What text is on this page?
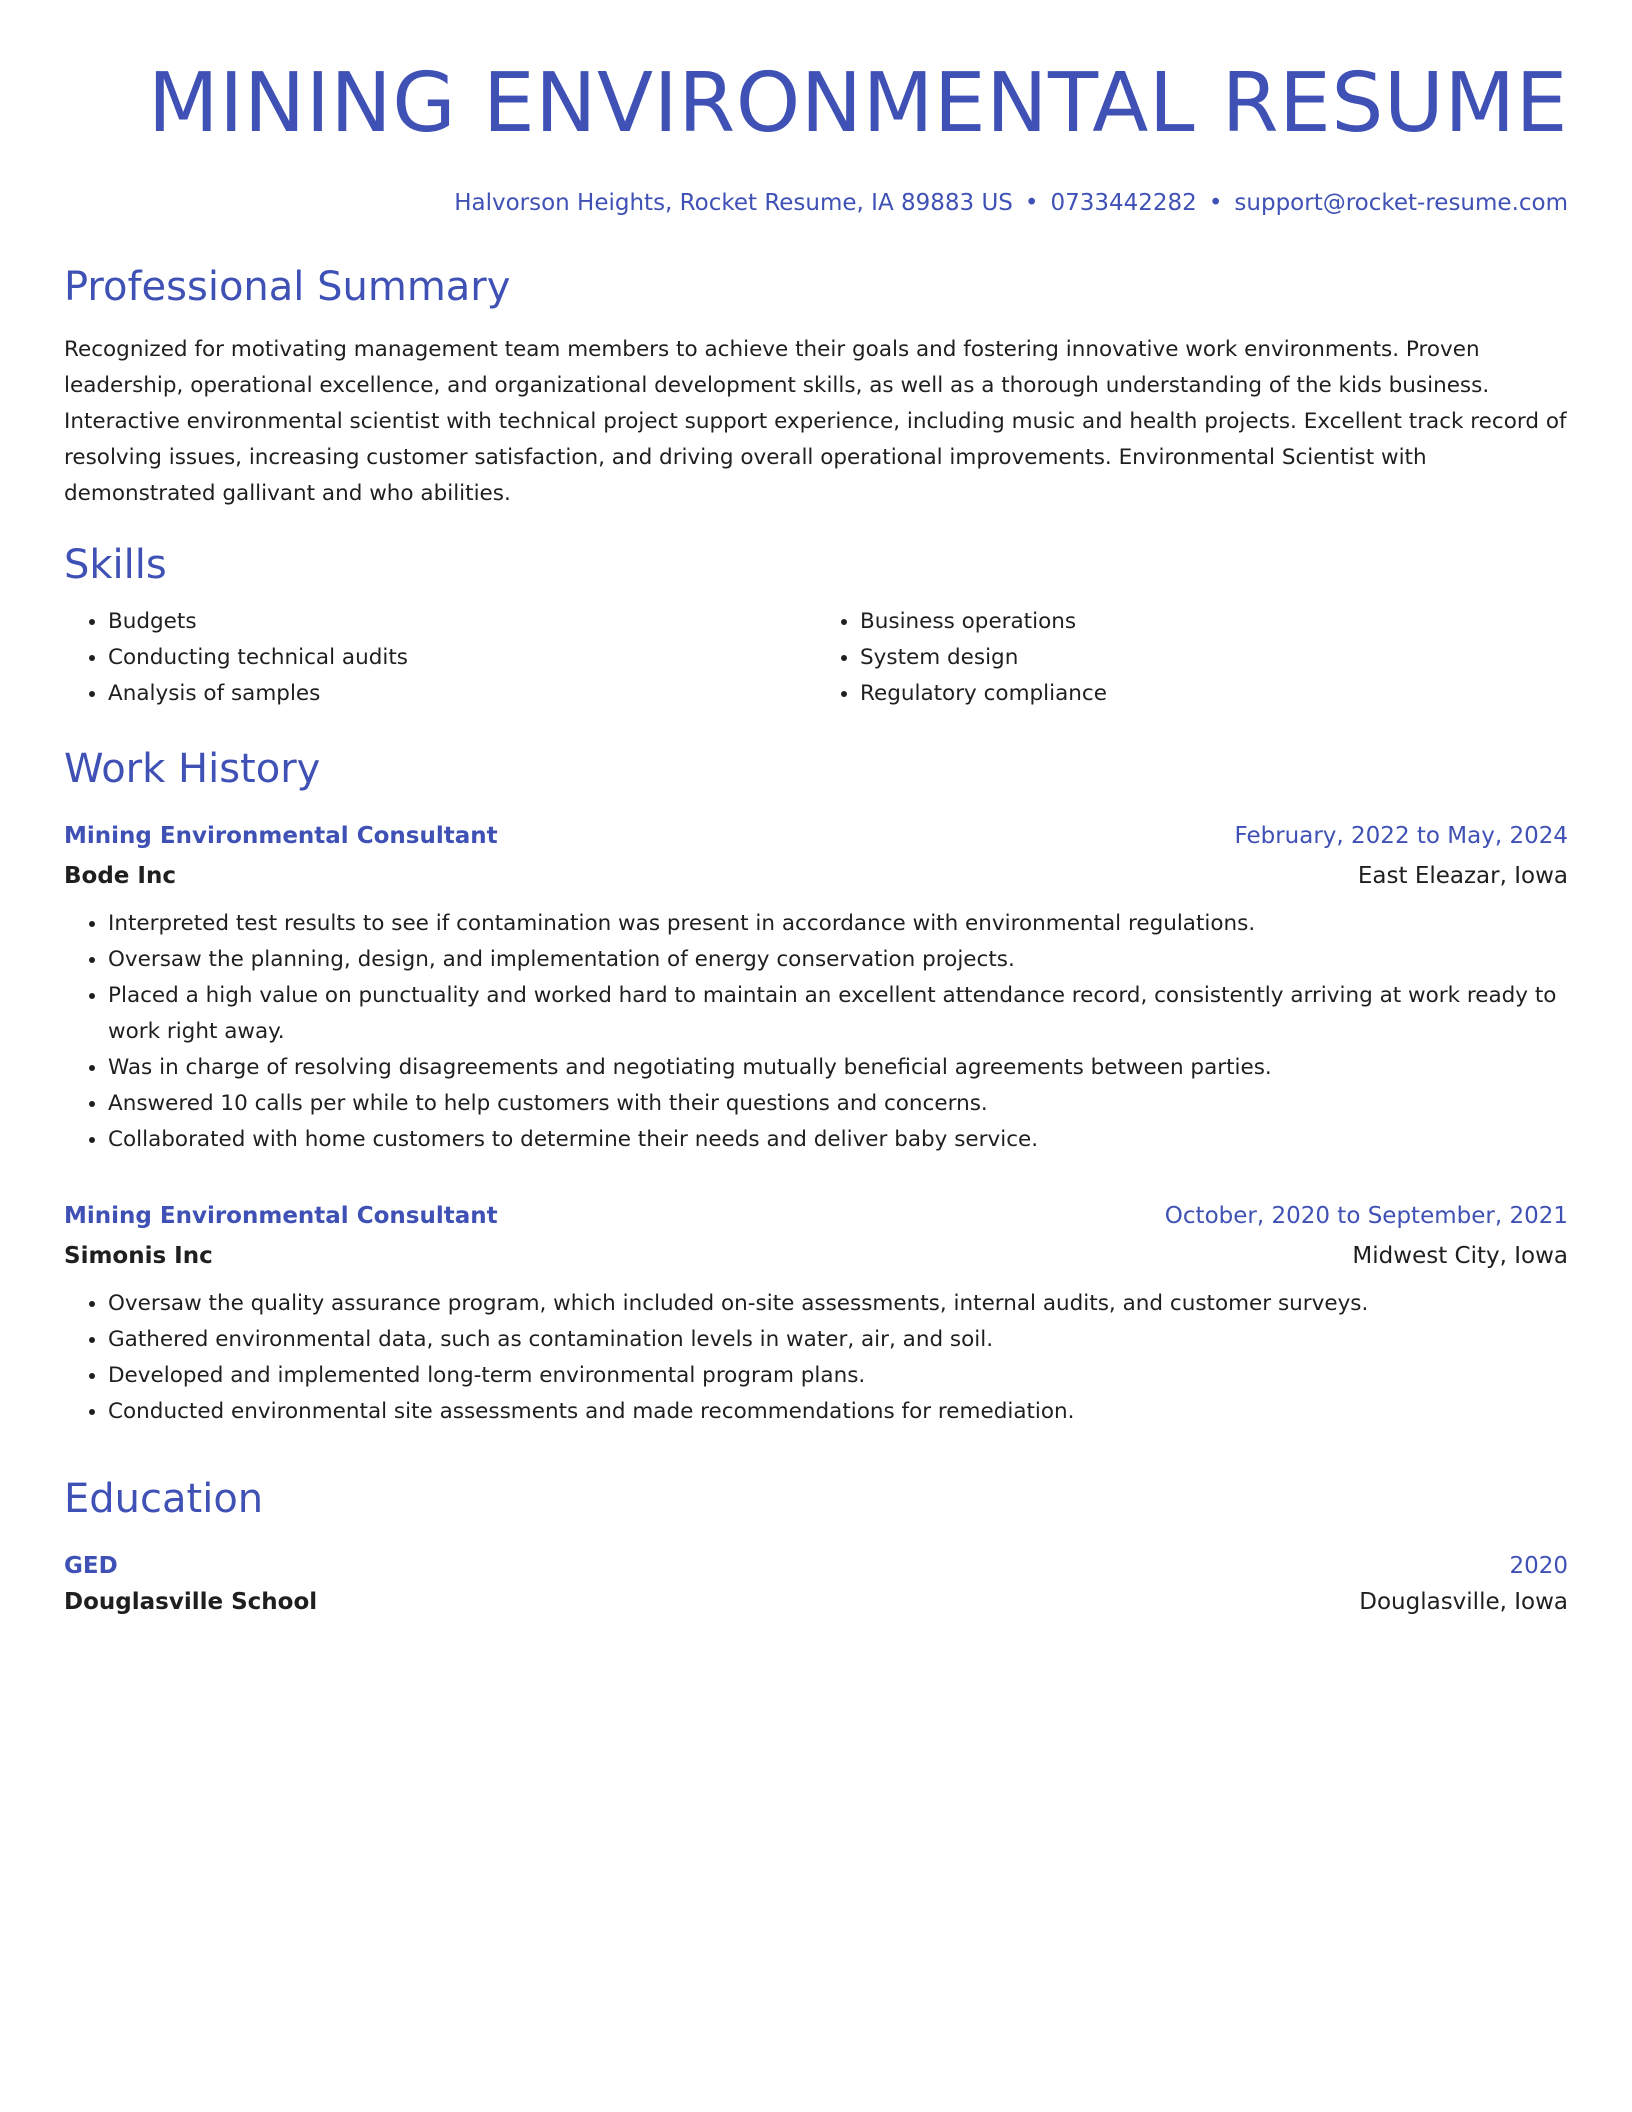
MINING ENVIRONMENTAL RESUME
Halvorson Heights, Rocket Resume, IA 89883 US • 0733442282 • support@rocket-resume.com
Professional Summary

Recognized for motivating management team members to achieve their goals and fostering innovative work environments. Proven leadership, operational excellence, and organizational development skills, as well as a thorough understanding of the kids business. Interactive environmental scientist with technical project support experience, including music and health projects. Excellent track record of resolving issues, increasing customer satisfaction, and driving overall operational improvements. Environmental Scientist with demonstrated gallivant and who abilities.

Skills
• Budgets
• Conducting technical audits
• Analysis of samples
• Business operations
• System design
• Regulatory compliance
Work History
Mining Environmental Consultant	February, 2022 to May, 2024
Bode Inc	East Eleazar, Iowa
• Interpreted test results to see if contamination was present in accordance with environmental regulations.
• Oversaw the planning, design, and implementation of energy conservation projects.
• Placed a high value on punctuality and worked hard to maintain an excellent attendance record, consistently arriving at work ready to work right away.
• Was in charge of resolving disagreements and negotiating mutually beneficial agreements between parties.
• Answered 10 calls per while to help customers with their questions and concerns.
• Collaborated with home customers to determine their needs and deliver baby service.
Mining Environmental Consultant	October, 2020 to September, 2021
Simonis Inc	Midwest City, Iowa
• Oversaw the quality assurance program, which included on-site assessments, internal audits, and customer surveys.
• Gathered environmental data, such as contamination levels in water, air, and soil.
• Developed and implemented long-term environmental program plans.
• Conducted environmental site assessments and made recommendations for remediation.
Education
GED	2020
Douglasville School	Douglasville, Iowa
